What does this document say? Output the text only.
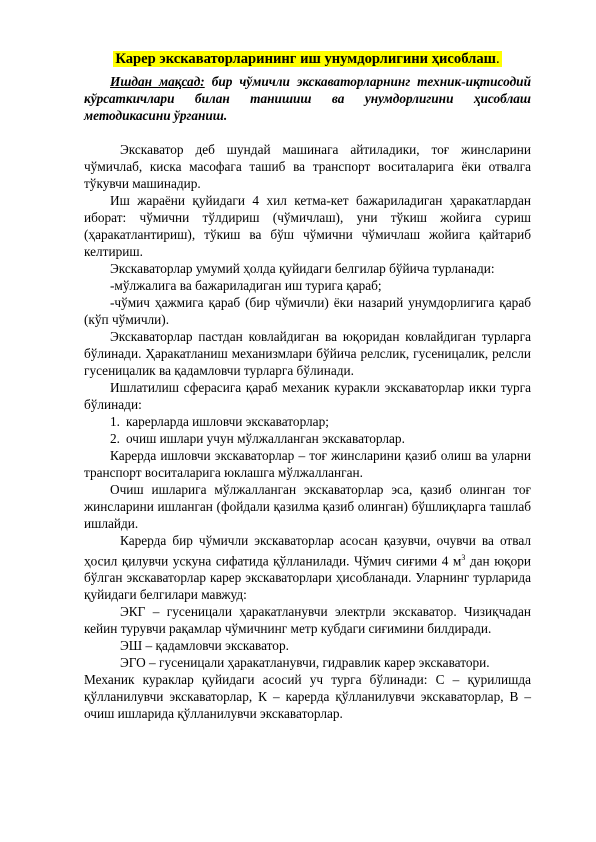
Карер экскаваторларининг иш унумдорлигини ҳисоблаш.

Ишдан мақсад: бир чўмичли экскаваторларнинг техник-иқтисодий кўрсаткичлари билан танишиш ва унумдорлигини ҳисоблаш методикасини ўрганиш.

Экскаватор деб шундай машинага айтиладики, тоғ жинсларини чўмичлаб, киска масофага ташиб ва транспорт воситаларига ёки отвалга тўкувчи машинадир.

Иш жараёни қуйидаги 4 хил кетма-кет бажариладиган ҳаракатлардан иборат: чўмични тўлдириш (чўмичлаш), уни тўкиш жойига суриш (ҳаракатлантириш), тўкиш ва бўш чўмични чўмичлаш жойига қайтариб келтириш.

Экскаваторлар умумий ҳолда қуйидаги белгилар бўйича турланади:

-мўлжалига ва бажариладиган иш турига қараб;

-чўмич ҳажмига қараб (бир чўмичли) ёки назарий унумдорлигига қараб (кўп чўмичли).

Экскаваторлар пастдан ковлайдиган ва юқоридан ковлайдиган турларга бўлинади. Ҳаракатланиш механизмлари бўйича релслик, гусеницалик, релсли гусеницалик ва қадамловчи турларга бўлинади.

Ишлатилиш сферасига қараб механик куракли экскаваторлар икки турга бўлинади:

1. карерларда ишловчи экскаваторлар;

2. очиш ишлари учун мўлжалланган экскаваторлар.

Карерда ишловчи экскаваторлар – тоғ жинсларини қазиб олиш ва уларни транспорт воситаларига юклашга мўлжалланган.

Очиш ишларига мўлжалланган экскаваторлар эса, қазиб олинган тоғ жинсларини ишланган (фойдали қазилма қазиб олинган) бўшлиқларга ташлаб ишлайди.

Карерда бир чўмичли экскаваторлар асосан қазувчи, очувчи ва отвал ҳосил қилувчи ускуна сифатида қўлланилади. Чўмич сиғими 4 $м^3$ дан юқори бўлган экскаваторлар карер экскаваторлари ҳисобланади. Уларнинг турларида қуйидаги белгилари мавжуд:

ЭКГ – гусеницали ҳаракатланувчи электрли экскаватор. Чизиқчадан кейин турувчи рақамлар чўмичнинг метр кубдаги сиғимини билдиради.

ЭШ – қадамловчи экскаватор.

ЭГО – гусеницали ҳаракатланувчи, гидравлик карер экскаватори.

Механик кураклар қуйидаги асосий уч турга бўлинади: С – қурилишда қўлланилувчи экскаваторлар, К – карерда қўлланилувчи экскаваторлар, В – очиш ишларида қўлланилувчи экскаваторлар.
